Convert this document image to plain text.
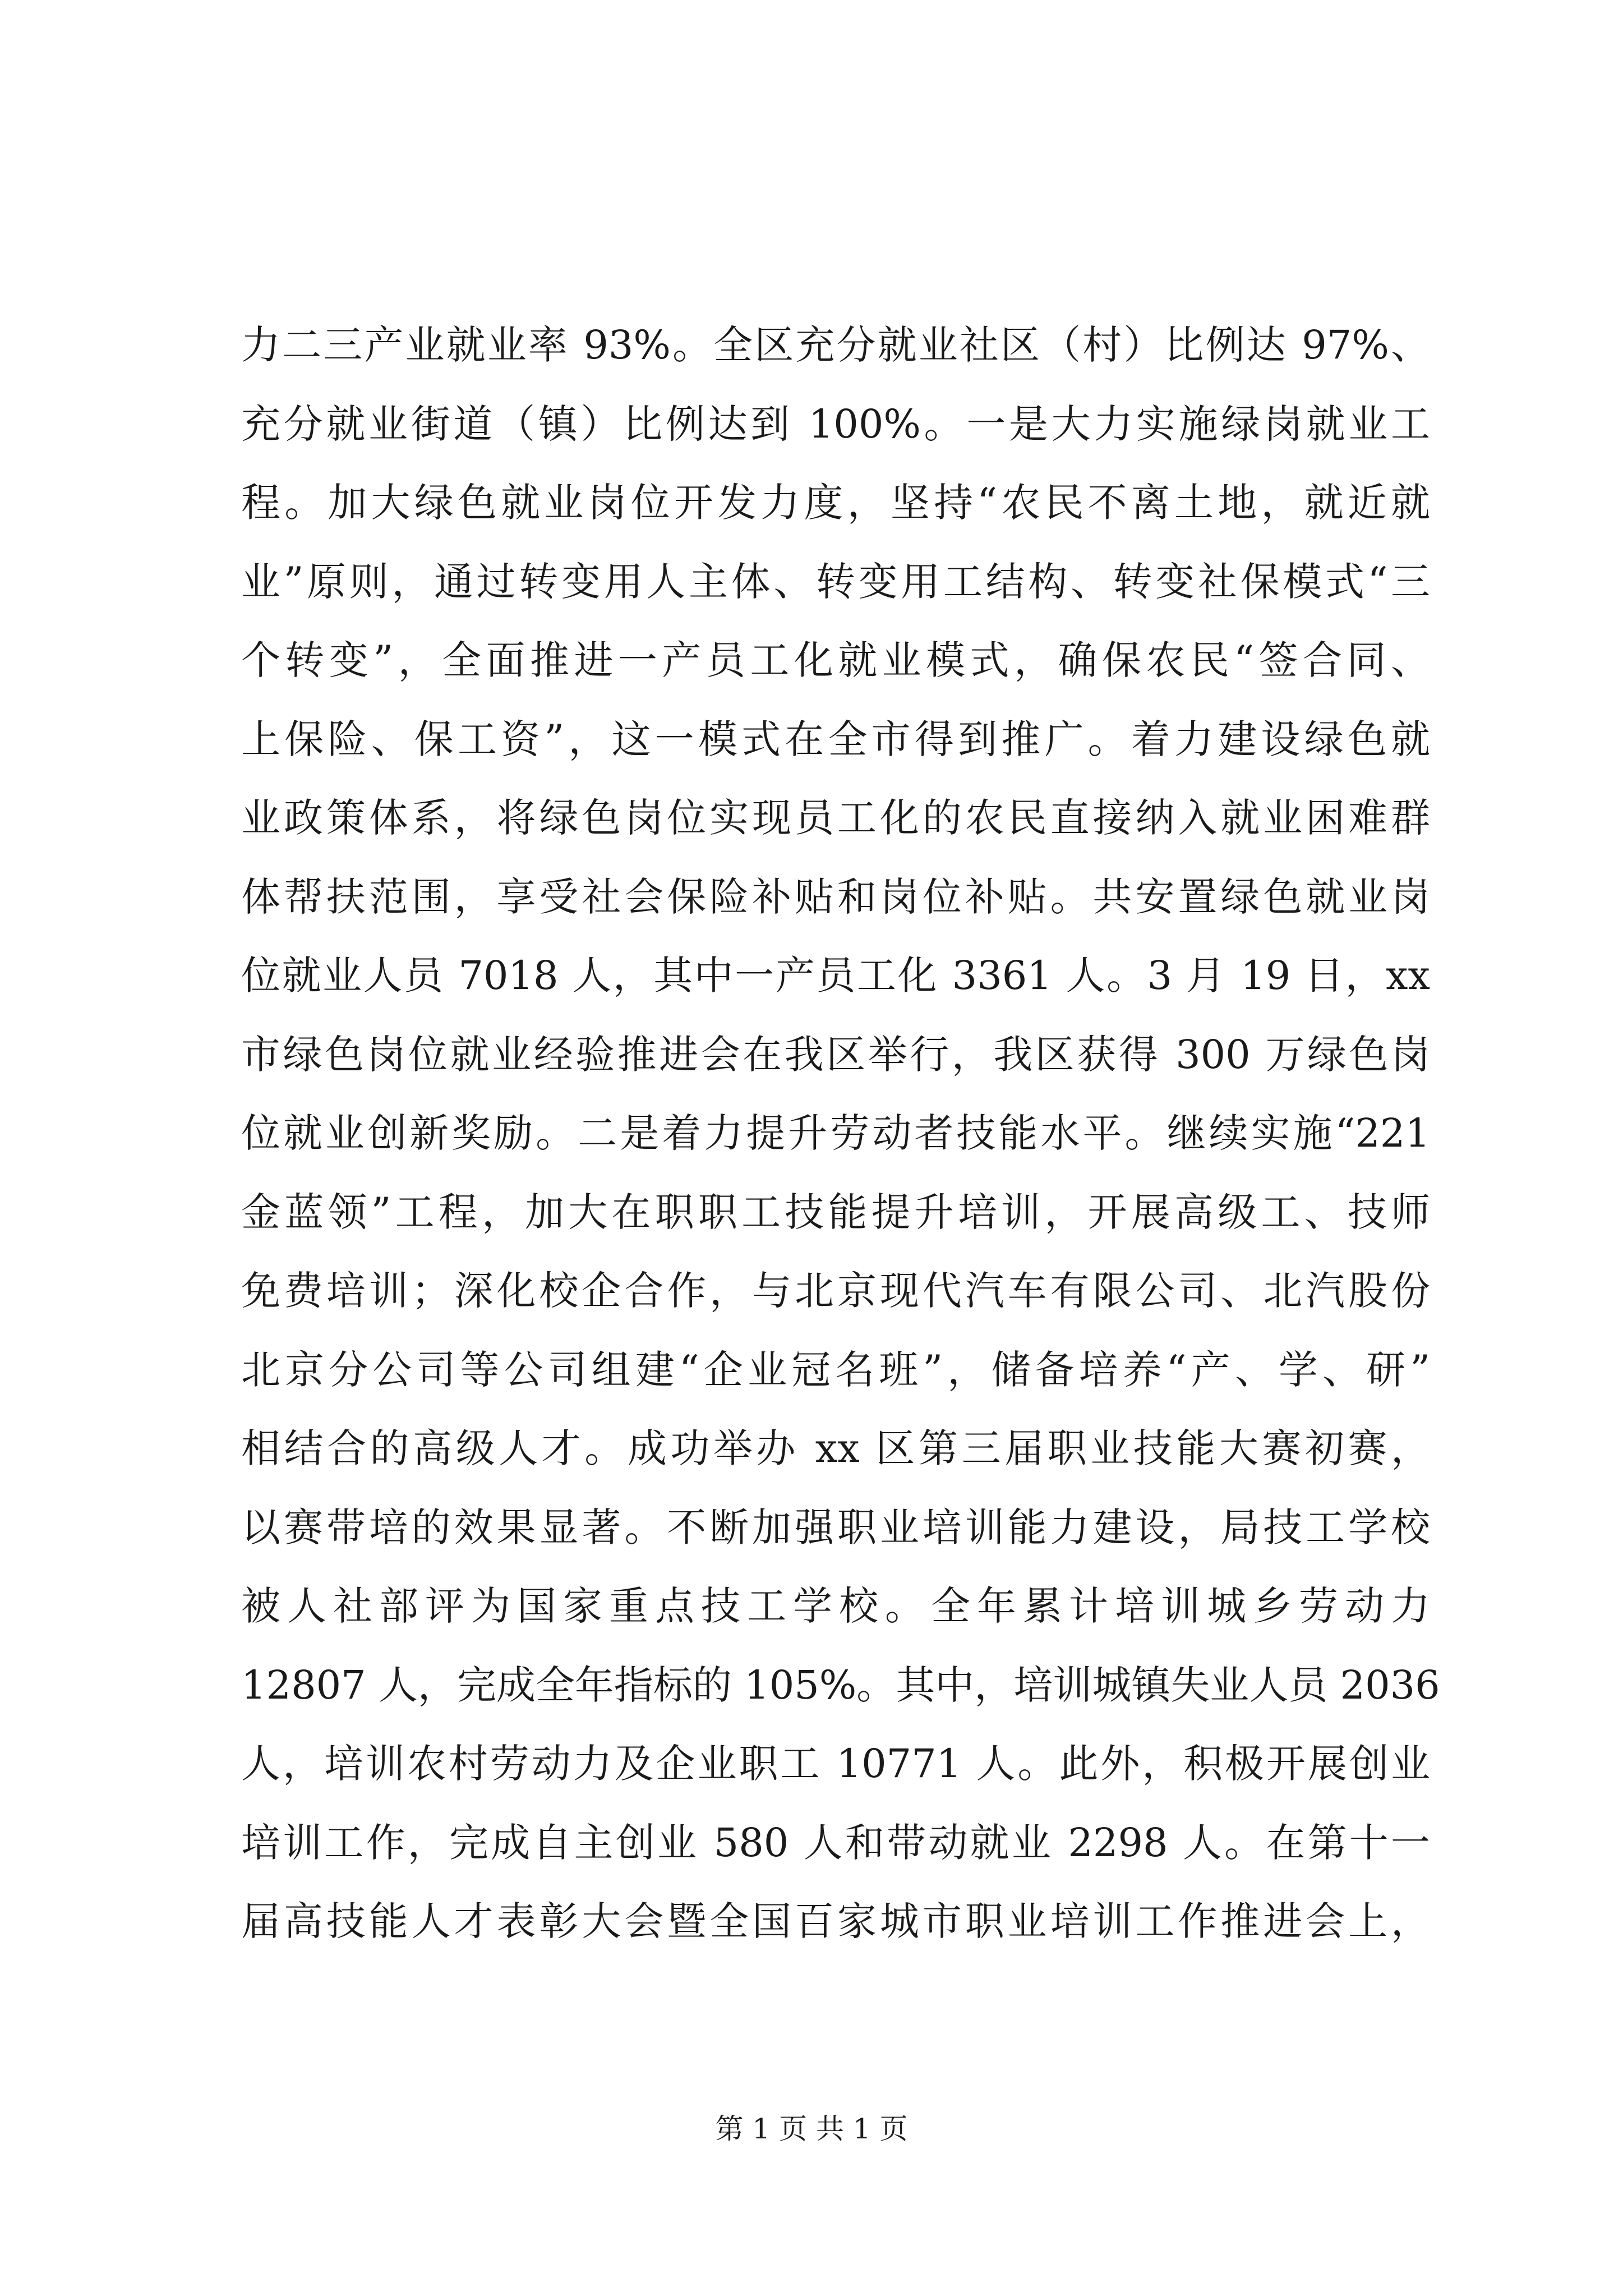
力二三产业就业率 93%。全区充分就业社区（村）比例达 97%、
充分就业街道（镇）比例达到 100%。一是大力实施绿岗就业工
程。加大绿色就业岗位开发力度，坚持“农民不离土地，就近就
业”原则，通过转变用人主体、转变用工结构、转变社保模式“三
个转变”，全面推进一产员工化就业模式，确保农民“签合同、
上保险、保工资”，这一模式在全市得到推广。着力建设绿色就
业政策体系，将绿色岗位实现员工化的农民直接纳入就业困难群
体帮扶范围，享受社会保险补贴和岗位补贴。共安置绿色就业岗
位就业人员 7018 人，其中一产员工化 3361 人。3 月 19 日，xx
市绿色岗位就业经验推进会在我区举行，我区获得 300 万绿色岗
位就业创新奖励。二是着力提升劳动者技能水平。继续实施“221
金蓝领”工程，加大在职职工技能提升培训，开展高级工、技师
免费培训；深化校企合作，与北京现代汽车有限公司、北汽股份
北京分公司等公司组建“企业冠名班”，储备培养“产、学、研”
相结合的高级人才。成功举办 xx 区第三届职业技能大赛初赛，
以赛带培的效果显著。不断加强职业培训能力建设，局技工学校
被人社部评为国家重点技工学校。全年累计培训城乡劳动力
12807 人，完成全年指标的 105%。其中，培训城镇失业人员 2036
人，培训农村劳动力及企业职工 10771 人。此外，积极开展创业
培训工作，完成自主创业 580 人和带动就业 2298 人。在第十一
届高技能人才表彰大会暨全国百家城市职业培训工作推进会上，
第 1 页 共 1 页
